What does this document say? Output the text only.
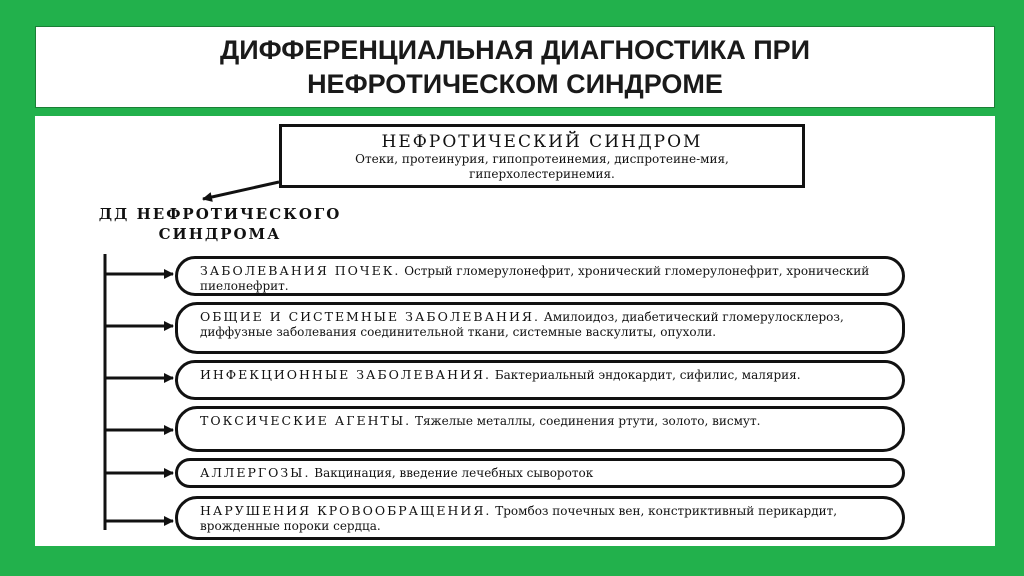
ДИФФЕРЕНЦИАЛЬНАЯ ДИАГНОСТИКА ПРИ
НЕФРОТИЧЕСКОМ СИНДРОМЕ
НЕФРОТИЧЕСКИЙ СИНДРОМ
Отеки, протеинурия, гипопротеинемия, диспротеине-мия, гиперхолестеринемия.
ДД НЕФРОТИЧЕСКОГО
СИНДРОМА
ЗАБОЛЕВАНИЯ ПОЧЕК. Острый гломерулонефрит, хронический гломерулонефрит, хронический пиелонефрит.
ОБЩИЕ И СИСТЕМНЫЕ ЗАБОЛЕВАНИЯ. Амилоидоз, диабетический гломерулосклероз, диффузные заболевания соединительной ткани, системные васкулиты, опухоли.
ИНФЕКЦИОННЫЕ ЗАБОЛЕВАНИЯ. Бактериальный эндокардит, сифилис, малярия.
ТОКСИЧЕСКИЕ АГЕНТЫ. Тяжелые металлы, соединения ртути, золото, висмут.
АЛЛЕРГОЗЫ. Вакцинация, введение лечебных сывороток
НАРУШЕНИЯ КРОВООБРАЩЕНИЯ. Тромбоз почечных вен, констриктивный перикардит, врожденные пороки сердца.
